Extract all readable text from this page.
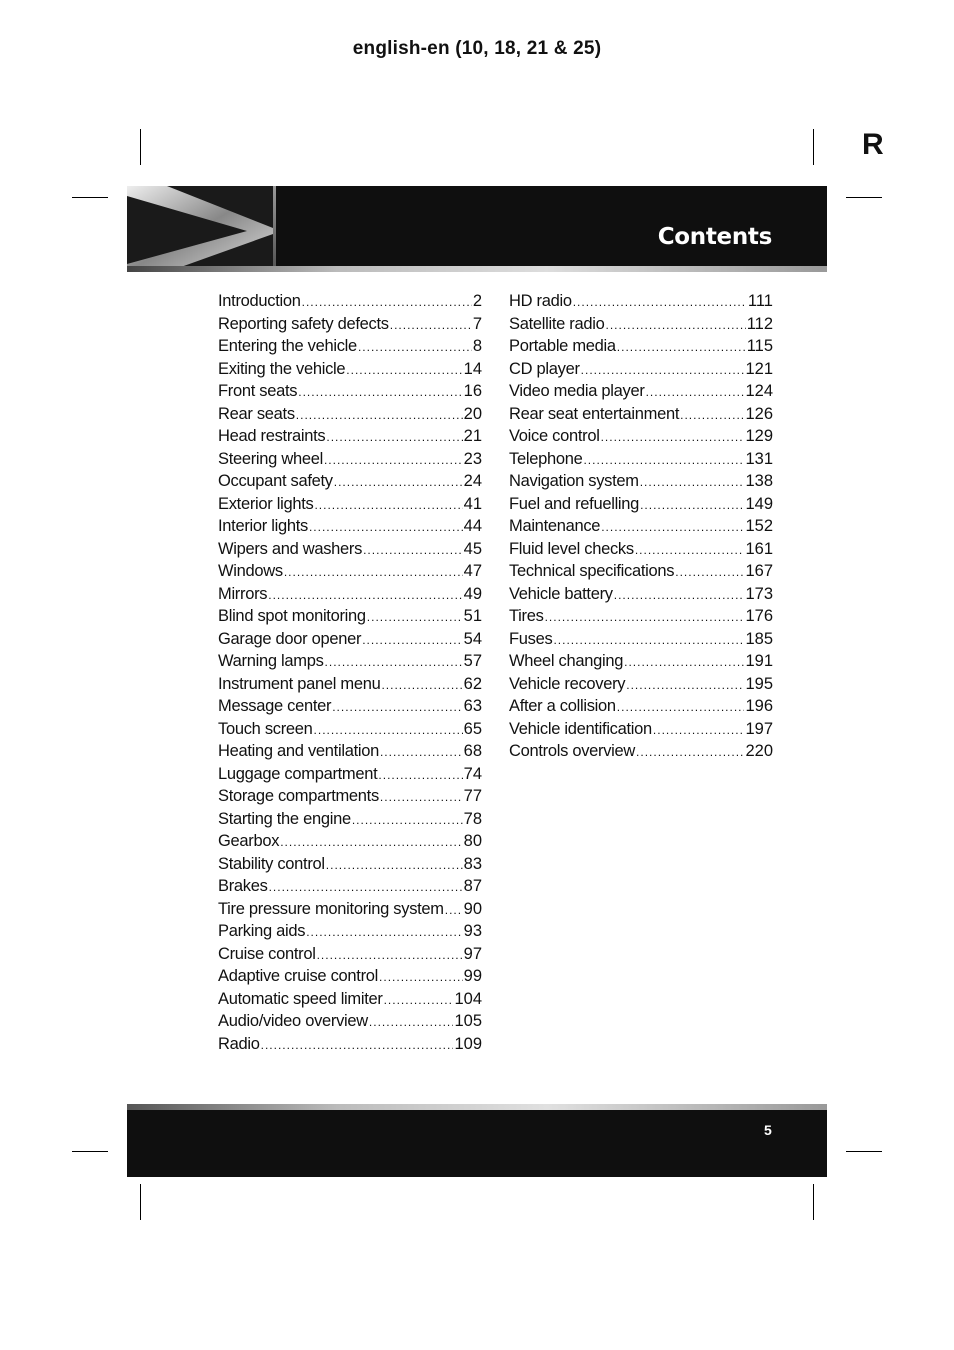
english-en (10, 18, 21 & 25)
R
Contents
Introduction .....	2
Reporting safety defects .....	7
Entering the vehicle .....	8
Exiting the vehicle .....	14
Front seats .....	16
Rear seats .....	20
Head restraints .....	21
Steering wheel .....	23
Occupant safety .....	24
Exterior lights .....	41
Interior lights .....	44
Wipers and washers .....	45
Windows .....	47
Mirrors .....	49
Blind spot monitoring .....	51
Garage door opener .....	54
Warning lamps .....	57
Instrument panel menu .....	62
Message center .....	63
Touch screen .....	65
Heating and ventilation .....	68
Luggage compartment .....	74
Storage compartments .....	77
Starting the engine .....	78
Gearbox .....	80
Stability control .....	83
Brakes .....	87
Tire pressure monitoring system ..... 90
Parking aids .....	93
Cruise control .....	97
Adaptive cruise control .....	99
Automatic speed limiter .....	104
Audio/video overview .....	105
Radio .....	109
HD radio .....	111
Satellite radio .....	112
Portable media .....	115
CD player .....	121
Video media player .....	124
Rear seat entertainment .....	126
Voice control .....	129
Telephone .....	131
Navigation system .....	138
Fuel and refuelling .....	149
Maintenance .....	152
Fluid level checks .....	161
Technical specifications .....	167
Vehicle battery .....	173
Tires .....	176
Fuses .....	185
Wheel changing .....	191
Vehicle recovery .....	195
After a collision .....	196
Vehicle identification .....	197
Controls overview .....	220
5
